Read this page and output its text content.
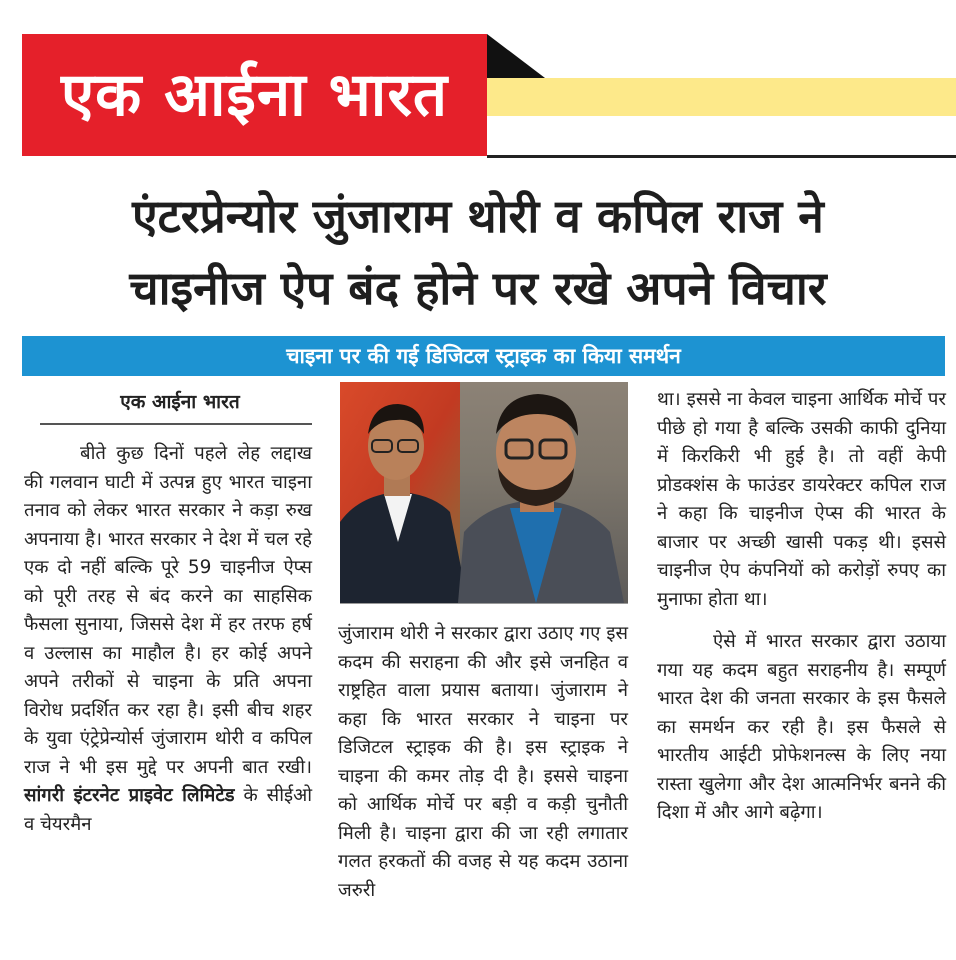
एक आईना भारत
एंटरप्रेन्योर जुंजाराम थोरी व कपिल राज ने
चाइनीज ऐप बंद होने पर रखे अपने विचार
चाइना पर की गई डिजिटल स्ट्राइक का किया समर्थन
एक आईना भारत

बीते कुछ दिनों पहले लेह लद्दाख की गलवान घाटी में उत्पन्न हुए भारत चाइना तनाव को लेकर भारत सरकार ने कड़ा रुख अपनाया है। भारत सरकार ने देश में चल रहे एक दो नहीं बल्कि पूरे 59 चाइनीज ऐप्स को पूरी तरह से बंद करने का साहसिक फैसला सुनाया, जिससे देश में हर तरफ हर्ष व उल्लास का माहौल है। हर कोई अपने अपने तरीकों से चाइना के प्रति अपना विरोध प्रदर्शित कर रहा है। इसी बीच शहर के युवा एंट्रेप्रेन्योर्स जुंजाराम थोरी व कपिल राज ने भी इस मुद्दे पर अपनी बात रखी। सांगरी इंटरनेट प्राइवेट लिमिटेड के सीईओ व चेयरमैन

जुंजाराम थोरी ने सरकार द्वारा उठाए गए इस कदम की सराहना की और इसे जनहित व राष्ट्रहित वाला प्रयास बताया। जुंजाराम ने कहा कि भारत सरकार ने चाइना पर डिजिटल स्ट्राइक की है। इस स्ट्राइक ने चाइना की कमर तोड़ दी है। इससे चाइना को आर्थिक मोर्चे पर बड़ी व कड़ी चुनौती मिली है। चाइना द्वारा की जा रही लगातार गलत हरकतों की वजह से यह कदम उठाना जरुरी

था। इससे ना केवल चाइना आर्थिक मोर्चे पर पीछे हो गया है बल्कि उसकी काफी दुनिया में किरकिरी भी हुई है। तो वहीं केपी प्रोडक्शंस के फाउंडर डायरेक्टर कपिल राज ने कहा कि चाइनीज ऐप्स की भारत के बाजार पर अच्छी खासी पकड़ थी। इससे चाइनीज ऐप कंपनियों को करोड़ों रुपए का मुनाफा होता था।

ऐसे में भारत सरकार द्वारा उठाया गया यह कदम बहुत सराहनीय है। सम्पूर्ण भारत देश की जनता सरकार के इस फैसले का समर्थन कर रही है। इस फैसले से भारतीय आईटी प्रोफेशनल्स के लिए नया रास्ता खुलेगा और देश आत्मनिर्भर बनने की दिशा में और आगे बढ़ेगा।
